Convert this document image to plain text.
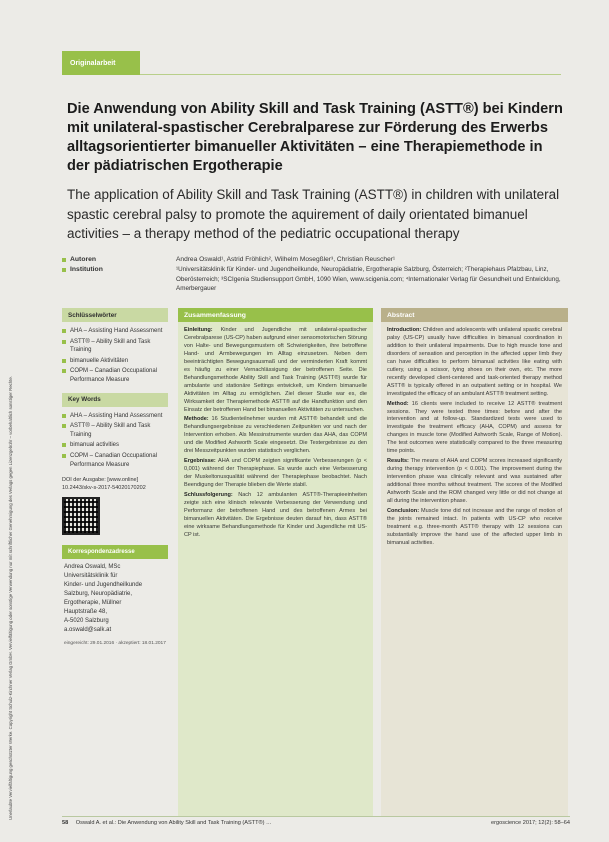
Unerlaubte Vervielfältigung geschützter Werke. Copyright Schulz-Kirchner Verlag GmbH. Vervielfältigung oder sonstige Verwendung nur mit schriftlicher Genehmigung des Verlags gegen Lizenzgebühr – vorbehaltlich sonstiger Rechte.
Originalarbeit
Die Anwendung von Ability Skill and Task Training (ASTT®) bei Kindern mit unilateral-spastischer Cerebralparese zur Förderung des Erwerbs alltagsorientierter bimanueller Aktivitäten – eine Therapiemethode in der pädiatrischen Ergotherapie
The application of Ability Skill and Task Training (ASTT®) in children with unilateral spastic cerebral palsy to promote the aquirement of daily orientated bimanuel activities – a therapy method of the pediatric occupational therapy
Autoren
Institution
Andrea Oswald¹, Astrid Fröhlich², Wilhelm Mosegßler³, Christian Reuscher¹
¹Universitätsklinik für Kinder- und Jugendheilkunde, Neuropädiatrie, Ergotherapie Salzburg, Österreich; ²Therapiehaus Pfalzbau, Linz, Oberösterreich; ³SCIgenia Studiensupport GmbH, 1090 Wien, www.scigenia.com; ⁴Internationaler Verlag für Gesundheit und Entwicklung, Amerbergauer
Schlüsselwörter
AHA – Assisting Hand Assessment
ASTT® – Ability Skill and Task Training
bimanuelle Aktivitäten
COPM – Canadian Occupational Performance Measure
Key Words
AHA – Assisting Hand Assessment
ASTT® – Ability Skill and Task Training
bimanual activities
COPM – Canadian Occupational Performance Measure
DOI der Ausgabe: [www.online] 10.2443/skv-s-2017-54020170202
Korrespondenzadresse
Andrea Oswald, MSc
Universitätsklinik für
Kinder- und Jugendheilkunde
Salzburg, Neuropädiatrie,
Ergotherapie, Müllner
Hauptstraße 48,
A-5020 Salzburg
a.oswald@salk.at
eingereicht: 29.01.2016 · akzeptiert: 18.01.2017
Zusammenfassung

Einleitung: Kinder und Jugendliche mit unilateral-spastischer Cerebralparese (US-CP) haben aufgrund einer sensomotorischen Störung von Halte- und Bewegungsmustern oft Schwierigkeiten, ihre betroffene Hand- und Armbewegungen im Alltag einzusetzen. Neben dem beeinträchtigten Bewegungsausmaß und der verminderten Kraft kommt es häufig zu einer Vernachlässigung der betroffenen Seite. Die Behandlungsmethode Ability Skill and Task Training (ASTT®) wurde für ambulante und stationäre Settings entwickelt, um Kindern bimanuelle Aktivitäten im Alltag zu ermöglichen. Ziel dieser Studie war es, die Wirksamkeit der Therapiemethode ASTT® auf die Handfunktion und den Einsatz der betroffenen Hand bei bimanuellen Aktivitäten zu untersuchen.

Methode: 16 Studienteilnehmer wurden mit ASTT® behandelt und die Behandlungsergebnisse zu verschiedenen Zeitpunkten vor und nach der Intervention erhoben. Als Messinstrumente wurden das AHA, das COPM und die Modified Ashworth Scale eingesetzt. Die Testergebnisse zu den drei Messzeitpunkten wurden statistisch verglichen.

Ergebnisse: AHA und COPM zeigten signifikante Verbesserungen (p < 0,001) während der Therapiephase. Es wurde auch eine Verbesserung der Muskeltonusqualität während der Therapiephase beobachtet. Nach Beendigung der Therapie blieben die Werte stabil.

Schlussfolgerung: Nach 12 ambulanten ASTT®-Therapieeinheiten zeigte sich eine klinisch relevante Verbesserung der Verwendung und Performanz der betroffenen Hand und des betroffenen Armes bei bimanuellen Aktivitäten. Die Ergebnisse deuten darauf hin, dass ASTT® eine wirksame Behandlungsmethode für Kinder und Jugendliche mit US-CP ist.

Abstract

Introduction: Children and adolescents with unilateral spastic cerebral palsy (US-CP) usually have difficulties in bimanual coordination in addition to their unilateral impairments. Due to high muscle tone and disorders of sensation and perception in the affected upper limb they can have difficulties to perform bimanual activities like eating with cutlery, using a scissor, tying shoes on their own, etc. The more recently developed client-centered and task-oriented therapy method ASTT® is typically offered in an outpatient setting or in hospital. We investigated the efficacy of an ambulant ASTT® treatment setting.

Method: 16 clients were included to receive 12 ASTT® treatment sessions. They were tested three times: before and after the intervention and at follow-up. Standardized tests were used to investigate the treatment efficacy (AHA, COPM) and assess for changes in muscle tone (Modified Ashworth Scale, Range of Motion). The test outcomes were statistically compared to the three measuring time points.

Results: The means of AHA and COPM scores increased significantly during therapy intervention (p < 0.001). The improvement during the intervention phase was clinically relevant and was sustained after additional three months without treatment. The scores of the Modified Ashworth Scale and the ROM changed very little or did not change at all during the intervention phase.

Conclusion: Muscle tone did not increase and the range of motion of the joints remained intact. In patients with US-CP who receive treatment e.g. three-month ASTT® therapy with 12 sessions can substantially improve the hand use of the affected upper limb in bimanual activities.

58 Oswald A. et al.: Die Anwendung von Ability Skill and Task Training (ASTT®) …	ergoscience 2017; 12(2): 58–64
